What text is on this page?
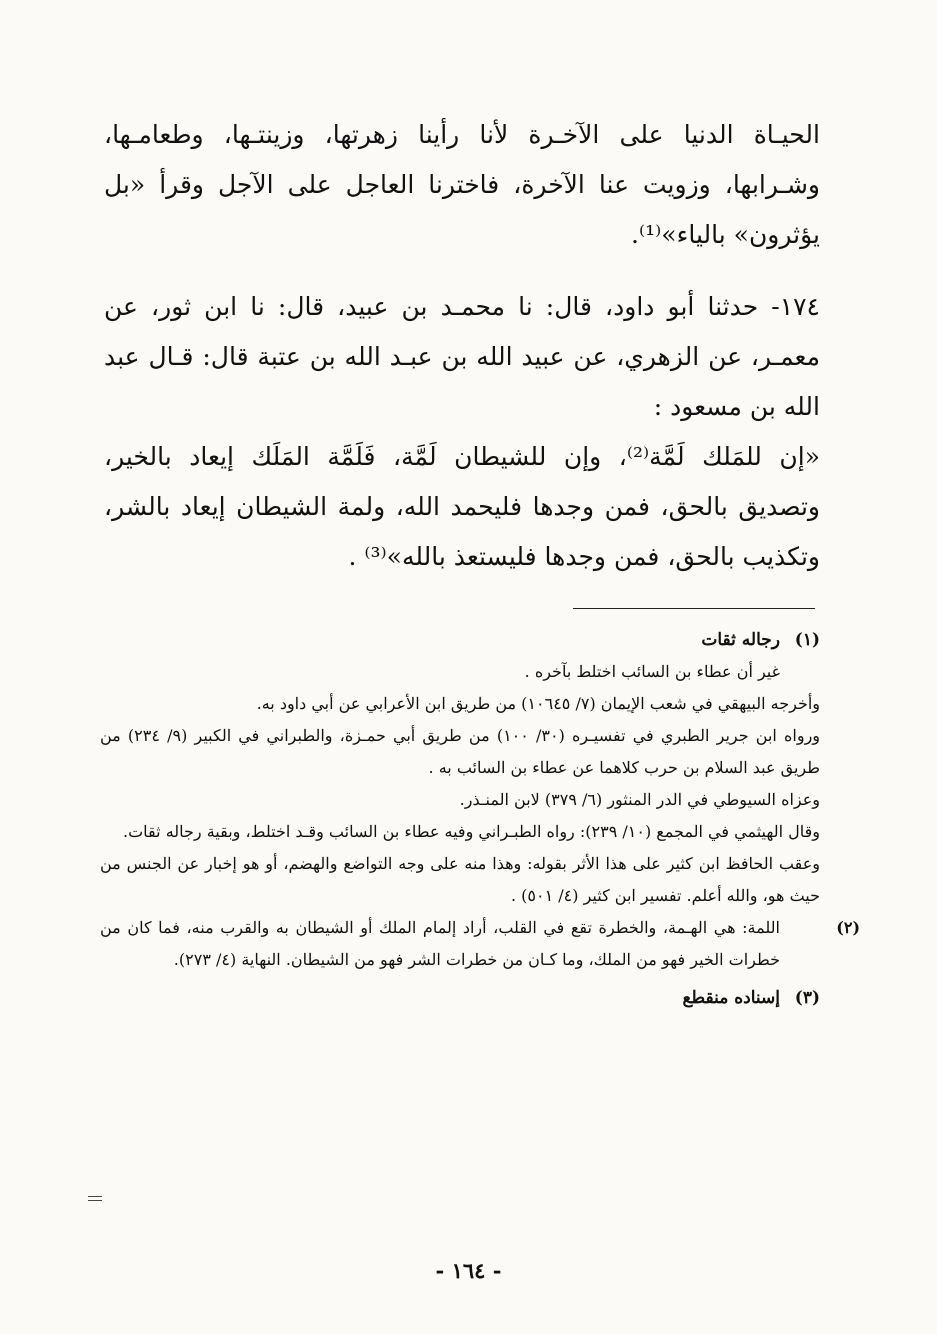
الحيـاة الدنيا على الآخـرة لأنا رأينا زهرتها، وزينتـها، وطعامـها، وشـرابها، وزويت عنا الآخرة، فاخترنا العاجل على الآجل وقرأ «بل يؤثرون» بالياء»⁽¹⁾.

١٧٤- حدثنا أبو داود، قال: نا محمـد بن عبيد، قال: نا ابن ثور، عن معمـر، عن الزهري، عن عبيد الله بن عبـد الله بن عتبة قال: قـال عبد الله بن مسعود :

«إن للمَلك لَمَّة⁽²⁾، وإن للشيطان لَمَّة، فَلَمَّة المَلَك إيعاد بالخير، وتصديق بالحق، فمن وجدها فليحمد الله، ولمة الشيطان إيعاد بالشر، وتكذيب بالحق، فمن وجدها فليستعذ بالله»⁽³⁾ .

(١)رجاله ثقات

غير أن عطاء بن السائب اختلط بآخره .

وأخرجه البيهقي في شعب الإيمان (٧/ ١٠٦٤٥) من طريق ابن الأعرابي عن أبي داود به.

ورواه ابن جرير الطبري في تفسيـره (٣٠/ ١٠٠) من طريق أبي حمـزة، والطبراني في الكبير (٩/ ٢٣٤) من طريق عبد السلام بن حرب كلاهما عن عطاء بن السائب به .

وعزاه السيوطي في الدر المنثور (٦/ ٣٧٩) لابن المنـذر.

وقال الهيثمي في المجمع (١٠/ ٢٣٩): رواه الطبـراني وفيه عطاء بن السائب وقـد اختلط، وبقية رجاله ثقات.

وعقب الحافظ ابن كثير على هذا الأثر بقوله: وهذا منه على وجه التواضع والهضم، أو هو إخبار عن الجنس من حيث هو، والله أعلم. تفسير ابن كثير (٤/ ٥٠١) .

(٢)اللمة: هي الهـمة، والخطرة تقع في القلب، أراد إلمام الملك أو الشيطان به والقرب منه، فما كان من خطرات الخير فهو من الملك، وما كـان من خطرات الشر فهو من الشيطان. النهاية (٤/ ٢٧٣).

(٣)إسناده منقطع

- ١٦٤ -
